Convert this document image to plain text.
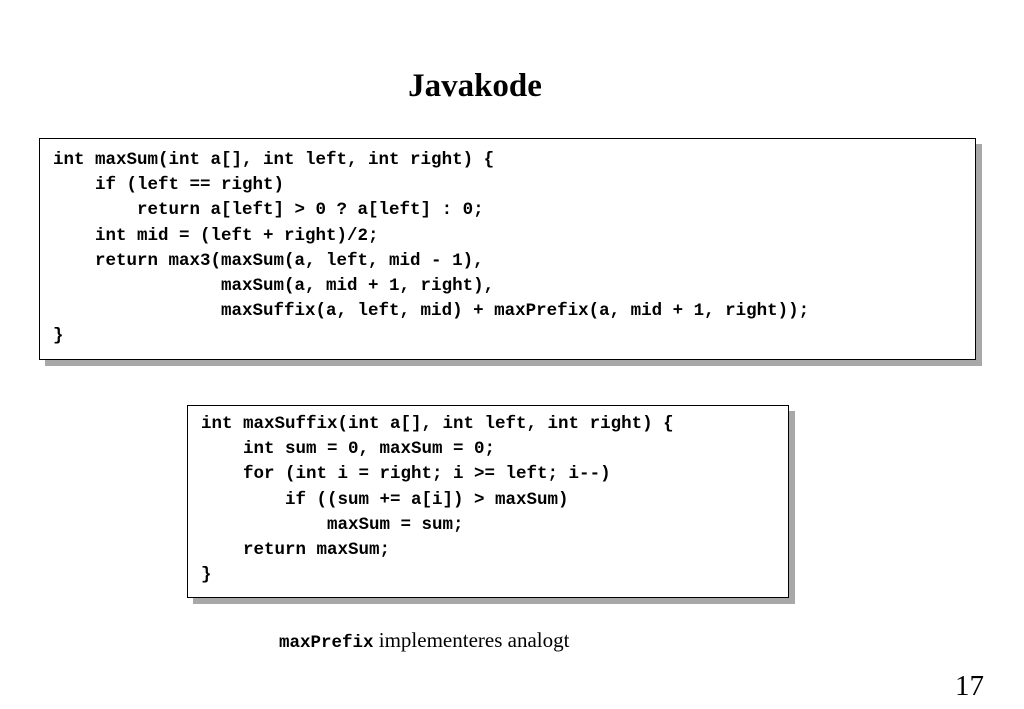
Javakode
int maxSum(int a[], int left, int right) {
if (left == right)
return a[left] > 0 ? a[left] : 0;
int mid = (left + right)/2;
return max3(maxSum(a, left, mid - 1),
maxSum(a, mid + 1, right),
maxSuffix(a, left, mid) + maxPrefix(a, mid + 1, right));
}
int maxSuffix(int a[], int left, int right) {
int sum = 0, maxSum = 0;
for (int i = right; i >= left; i--)
if ((sum += a[i]) > maxSum)
maxSum = sum;
return maxSum;
}
maxPrefix implementeres analogt
17
